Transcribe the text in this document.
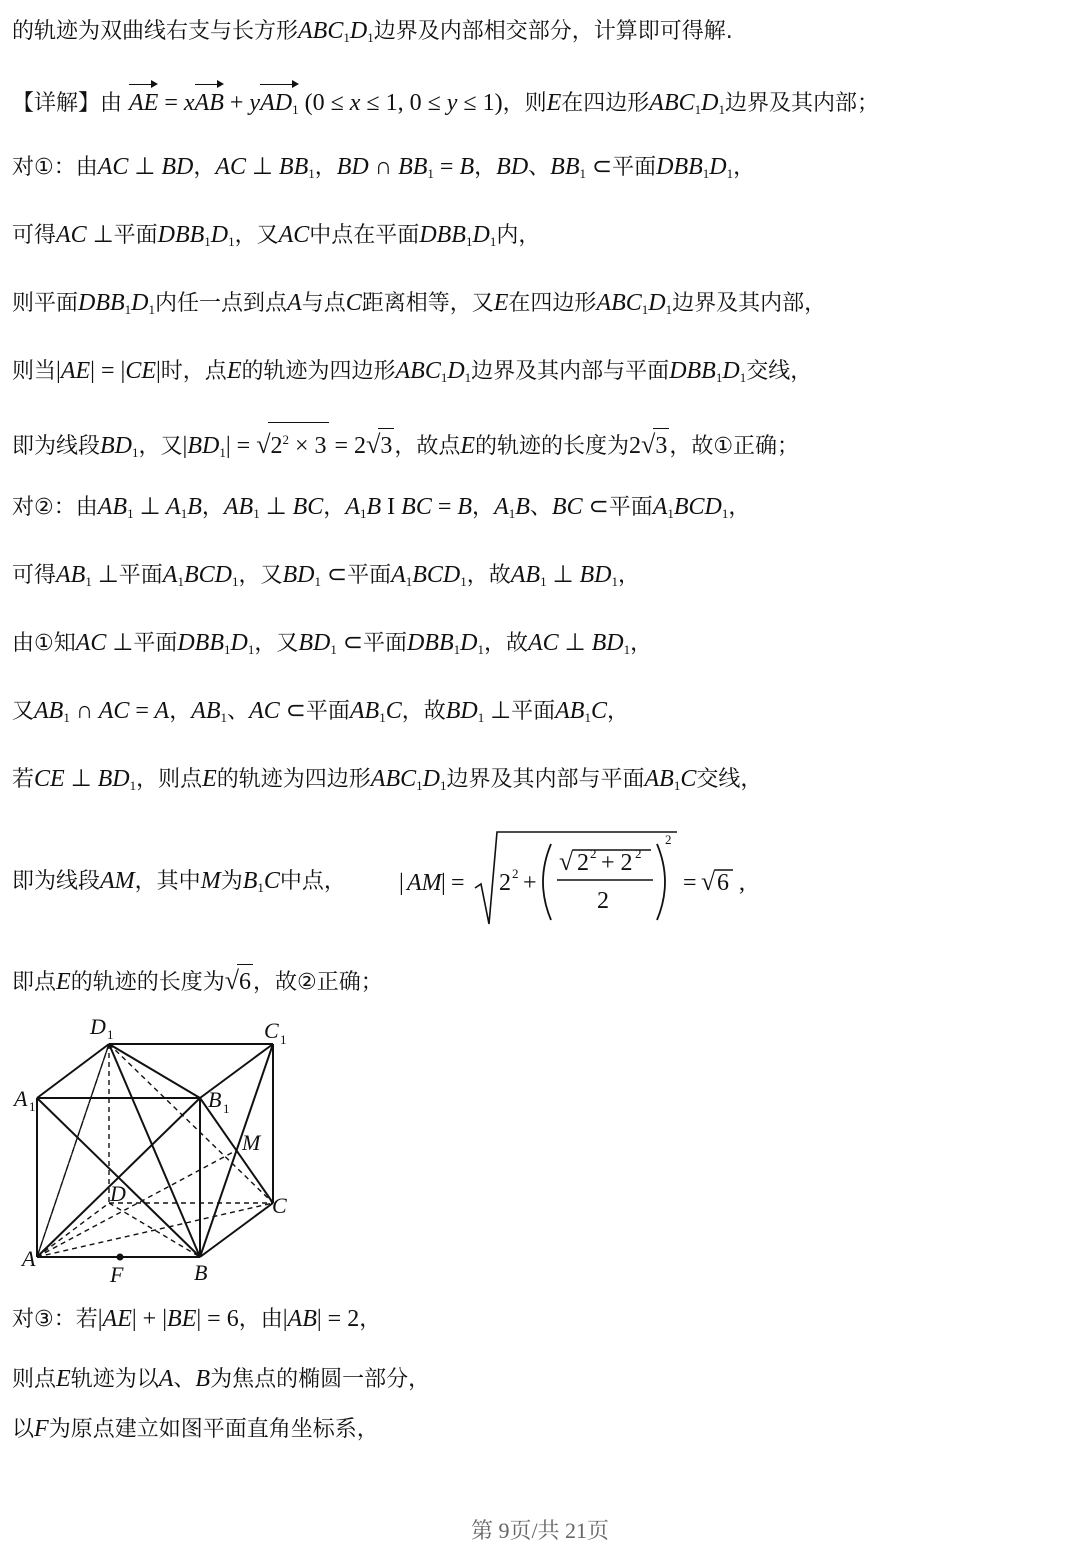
的轨迹为双曲线右支与长方形$ABC_1D_1$边界及内部相交部分，计算即可得解.
【详解】由 AE = xAB + yAD$_1$ (0 ≤ x ≤ 1, 0 ≤ y ≤ 1)，则E在四边形$ABC_1D_1$边界及其内部；
对①：由AC ⊥ BD，AC ⊥ $BB_1$，BD ∩ $BB_1 = B$，BD、$BB_1$ ⊂平面$DBB_1D_1$，
可得AC ⊥平面$DBB_1D_1$，又AC中点在平面$DBB_1D_1$内，
则平面$DBB_1D_1$内任一点到点A与点C距离相等，又E在四边形$ABC_1D_1$边界及其内部，
则当|AE| = |CE|时，点E的轨迹为四边形$ABC_1D_1$边界及其内部与平面$DBB_1D_1$交线，
即为线段$BD_1$，又$|BD_1| = √2^2 \times 3 = 2√3$，故点E的轨迹的长度为2√3，故①正确；
对②：由$AB_1$ ⊥ $A_1B$，$AB_1$ ⊥ BC，$A_1B$ I BC = B，$A_1B$、BC ⊂平面$A_1BCD_1$，
可得$AB_1$ ⊥平面$A_1BCD_1$，又$BD_1$ ⊂平面$A_1BCD_1$，故$AB_1$ ⊥ $BD_1$，
由①知AC ⊥平面$DBB_1D_1$，又$BD_1$ ⊂平面$DBB_1D_1$，故AC ⊥ $BD_1$，
又$AB_1$ ∩ AC = A，$AB_1$、AC ⊂平面$AB_1C$，故$BD_1$ ⊥平面$AB_1C$，
若CE ⊥ $BD_1$，则点E的轨迹为四边形$ABC_1D_1$边界及其内部与平面$AB_1C$交线，
即为线段AM，其中M为$B_1C$中点， | AM | = 2 2 +
√ 2 2 + 2 2
2
2
= √ 6 ,
即点E的轨迹的长度为√6，故②正确；
D 1	C 1
A 1	B 1
M
D	C
A
F	B
对③：若|AE| + |BE| = 6，由|AB| = 2，
则点E轨迹为以A、B为焦点的椭圆一部分，
以F为原点建立如图平面直角坐标系，
第 9页/共 21页
